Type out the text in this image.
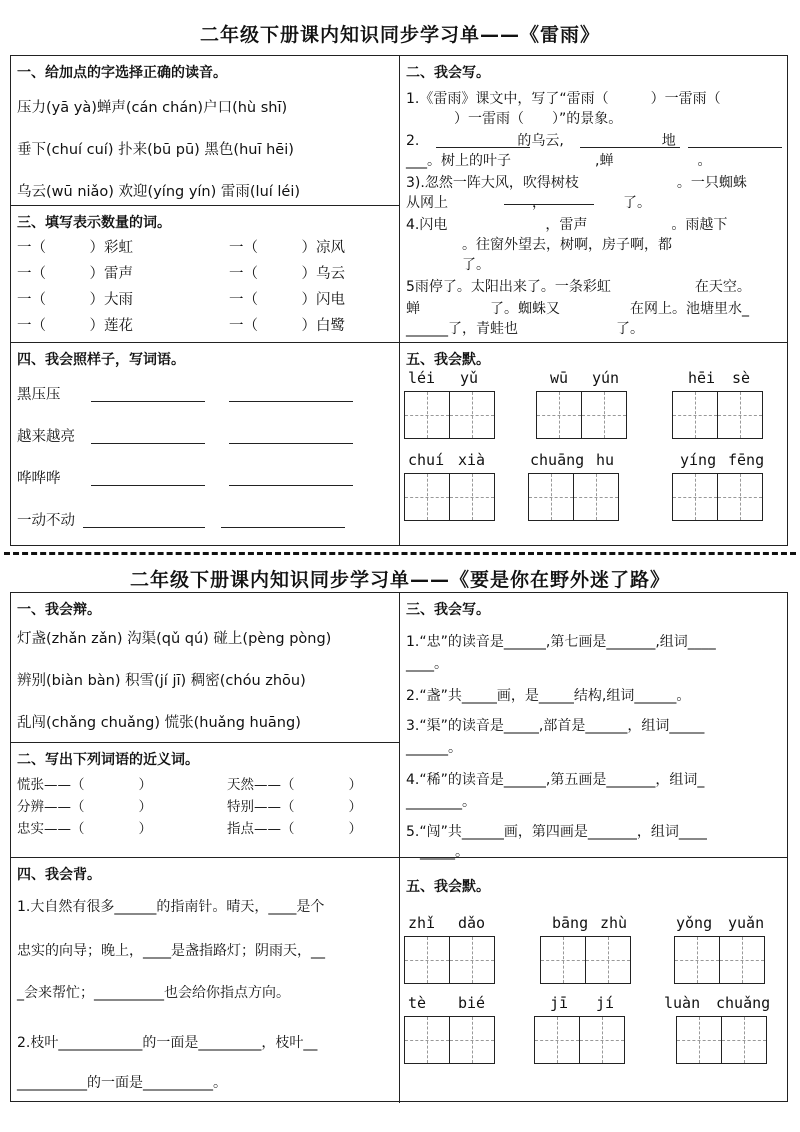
二年级下册课内知识同步学习单——《雷雨》
一、给加点的字选择正确的读音。
压力(yā yà)蝉声(cán chán)户口(hù shī)
垂下(chuí cuí) 扑来(bū pū) 黑色(huī hēi)
乌云(wū niǎo) 欢迎(yíng yín) 雷雨(luí léi)
三、填写表示数量的词。
一（　　　）彩虹	一（　　　）凉风
一（　　　）雷声	一（　　　）乌云
一（　　　）大雨	一（　　　）闪电
一（　　　）莲花	一（　　　）白鹭
二、我会写。
1.《雷雨》课文中，写了“雷雨（　　　）一雷雨（
　）一雷雨（　　）”的景象。
2.　　　　　　　的乌云,　　　　　　　地　　　　　
___。树上的叶子　　　　　　,蝉　　　　　　。
3).忽然一阵大风，吹得树枝　　　　　　　。一只蜘蛛
从网上　　　　　　，　　　　　　了。
4.闪电　　　　　　　，雷声　　　　　　。雨越下
　　　　。往窗外望去，树啊，房子啊，都　　　　　
　　　　了。
5雨停了。太阳出来了。一条彩虹　　　　　　在天空。
蝉　　　　　了。蜘蛛又　　　　　在网上。池塘里水_
______了，青蛙也　　　　　　　了。
四、我会照样子，写词语。
黑压压
越来越亮
哗哗哗
一动不动
五、我会默。
léi yǔ	wū yún	hēi sè
chuí xià	chuāng hu	yíng fēng
二年级下册课内知识同步学习单——《要是你在野外迷了路》
一、我会辩。
灯盏(zhǎn zǎn) 沟渠(qǔ qú) 碰上(pèng pòng)
辨别(biàn bàn) 积雪(jí jī) 稠密(chóu zhōu)
乱闯(chǎng chuǎng) 慌张(huǎng huāng)
二、写出下列词语的近义词。
慌张——（　　　　）	天然——（　　　　）
分辨——（　　　　）	特别——（　　　　）
忠实——（　　　　）	指点——（　　　　）
三、我会写。
1.“忠”的读音是______,第七画是_______,组词____
____。
2.“盏”共_____画，是_____结构,组词______。
3.“渠”的读音是_____,部首是______，组词_____
______。
4.“稀”的读音是______,第五画是_______，组词_
________。
5.“闯”共______画，第四画是_______，组词____
_____。
四、我会背。
1.大自然有很多______的指南针。晴天，____是个
忠实的向导；晚上，____是盏指路灯；阴雨天，__
_会来帮忙；__________也会给你指点方向。
2.枝叶____________的一面是_________，枝叶__
__________的一面是__________。
五、我会默。
zhǐ dǎo	bāng zhù	yǒng yuǎn
tè bié	jī jí	luàn chuǎng
